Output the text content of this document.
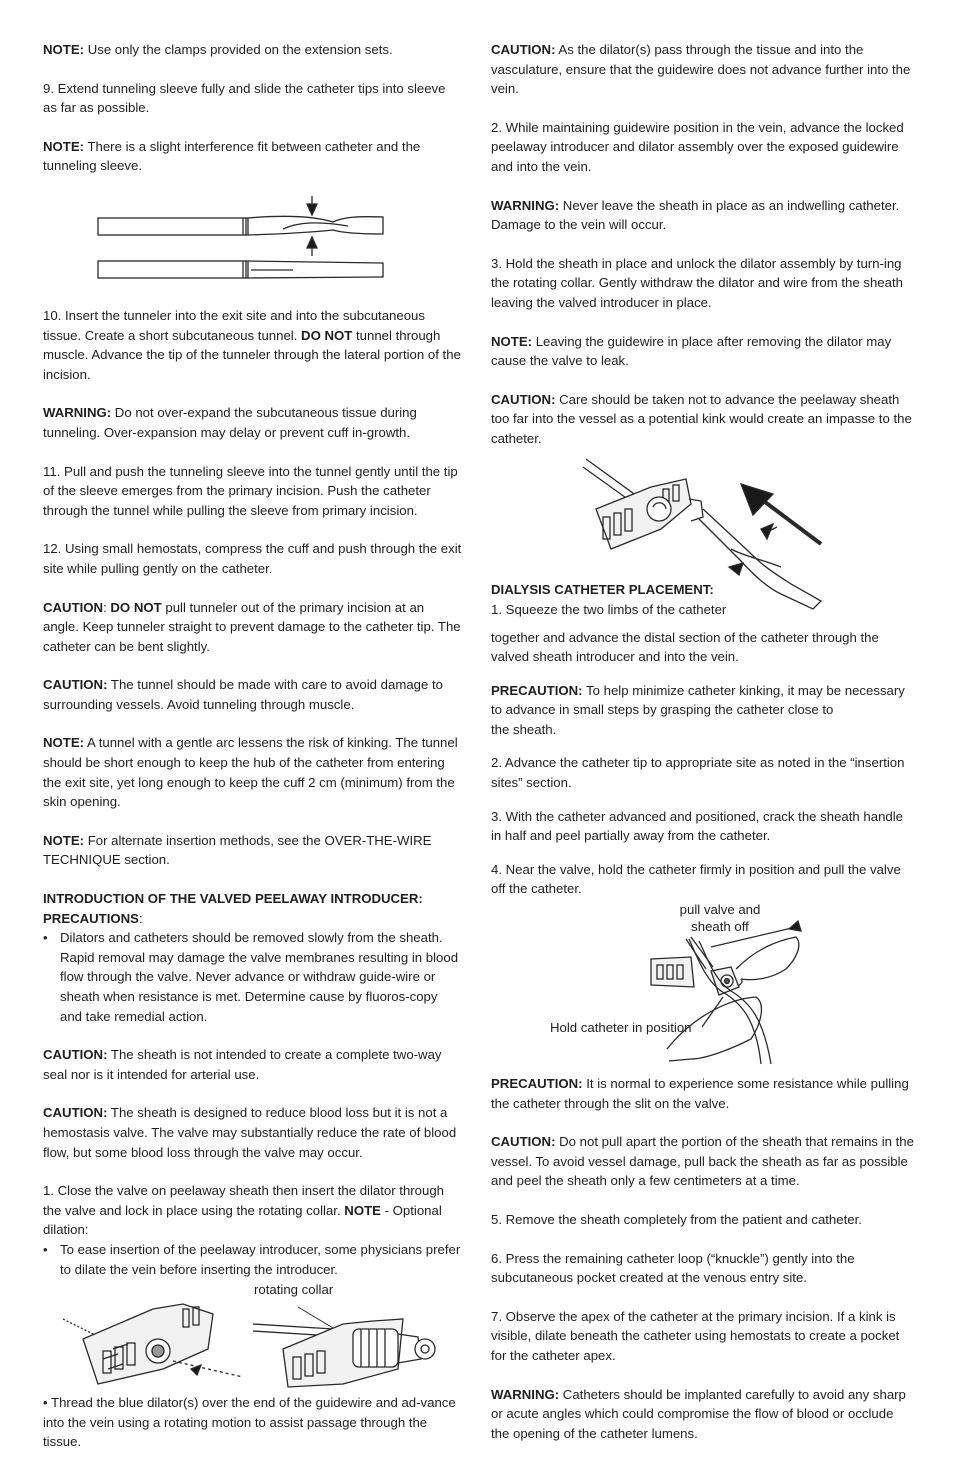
NOTE: Use only the clamps provided on the extension sets.

9. Extend tunneling sleeve fully and slide the catheter tips into sleeve as far as possible.

NOTE: There is a slight interference fit between catheter and the tunneling sleeve.

10. Insert the tunneler into the exit site and into the subcutaneous tissue. Create a short subcutaneous tunnel. DO NOT tunnel through muscle. Advance the tip of the tunneler through the lateral portion of the incision.

WARNING: Do not over-expand the subcutaneous tissue during tunneling. Over-expansion may delay or prevent cuff in-growth.

11. Pull and push the tunneling sleeve into the tunnel gently until the tip of the sleeve emerges from the primary incision. Push the catheter through the tunnel while pulling the sleeve from primary incision.

12. Using small hemostats, compress the cuff and push through the exit site while pulling gently on the catheter.

CAUTION: DO NOT pull tunneler out of the primary incision at an angle. Keep tunneler straight to prevent damage to the catheter tip. The catheter can be bent slightly.

CAUTION: The tunnel should be made with care to avoid damage to surrounding vessels. Avoid tunneling through muscle.

NOTE: A tunnel with a gentle arc lessens the risk of kinking. The tunnel should be short enough to keep the hub of the catheter from entering the exit site, yet long enough to keep the cuff 2 cm (minimum) from the skin opening.

NOTE: For alternate insertion methods, see the OVER-THE-WIRE TECHNIQUE section.

INTRODUCTION OF THE VALVED PEELAWAY INTRODUCER:

PRECAUTIONS:

• Dilators and catheters should be removed slowly from the sheath. Rapid removal may damage the valve membranes resulting in blood flow through the valve. Never advance or withdraw guide-wire or sheath when resistance is met. Determine cause by fluoros-copy and take remedial action.

CAUTION: The sheath is not intended to create a complete two-way seal nor is it intended for arterial use.

CAUTION: The sheath is designed to reduce blood loss but it is not a hemostasis valve. The valve may substantially reduce the rate of blood flow, but some blood loss through the valve may occur.

1. Close the valve on peelaway sheath then insert the dilator through the valve and lock in place using the rotating collar. NOTE - Optional dilation:

• To ease insertion of the peelaway introducer, some physicians prefer to dilate the vein before inserting the introducer.
rotating collar

• Thread the blue dilator(s) over the end of the guidewire and ad-vance into the vein using a rotating motion to assist passage through the tissue.

CAUTION: As the dilator(s) pass through the tissue and into the vasculature, ensure that the guidewire does not advance further into the vein.

2. While maintaining guidewire position in the vein, advance the locked peelaway introducer and dilator assembly over the exposed guidewire and into the vein.

WARNING: Never leave the sheath in place as an indwelling catheter. Damage to the vein will occur.

3. Hold the sheath in place and unlock the dilator assembly by turn-ing the rotating collar. Gently withdraw the dilator and wire from the sheath leaving the valved introducer in place.

NOTE: Leaving the guidewire in place after removing the dilator may cause the valve to leak.

CAUTION: Care should be taken not to advance the peelaway sheath too far into the vessel as a potential kink would create an impasse to the catheter.

DIALYSIS CATHETER PLACEMENT:

1. Squeeze the two limbs of the catheter

together and advance the distal section of the catheter through the valved sheath introducer and into the vein.

PRECAUTION: To help minimize catheter kinking, it may be necessary to advance in small steps by grasping the catheter close to
the sheath.

2. Advance the catheter tip to appropriate site as noted in the “insertion sites” section.

3. With the catheter advanced and positioned, crack the sheath handle in half and peel partially away from the catheter.

4. Near the valve, hold the catheter firmly in position and pull the valve off the catheter.

pull valve and
sheath off
Hold catheter in position

PRECAUTION: It is normal to experience some resistance while pulling the catheter through the slit on the valve.

CAUTION: Do not pull apart the portion of the sheath that remains in the vessel. To avoid vessel damage, pull back the sheath as far as possible and peel the sheath only a few centimeters at a time.

5. Remove the sheath completely from the patient and catheter.

6. Press the remaining catheter loop (“knuckle”) gently into the subcutaneous pocket created at the venous entry site.

7. Observe the apex of the catheter at the primary incision. If a kink is visible, dilate beneath the catheter using hemostats to create a pocket for the catheter apex.

WARNING: Catheters should be implanted carefully to avoid any sharp or acute angles which could compromise the flow of blood or occlude the opening of the catheter lumens.
